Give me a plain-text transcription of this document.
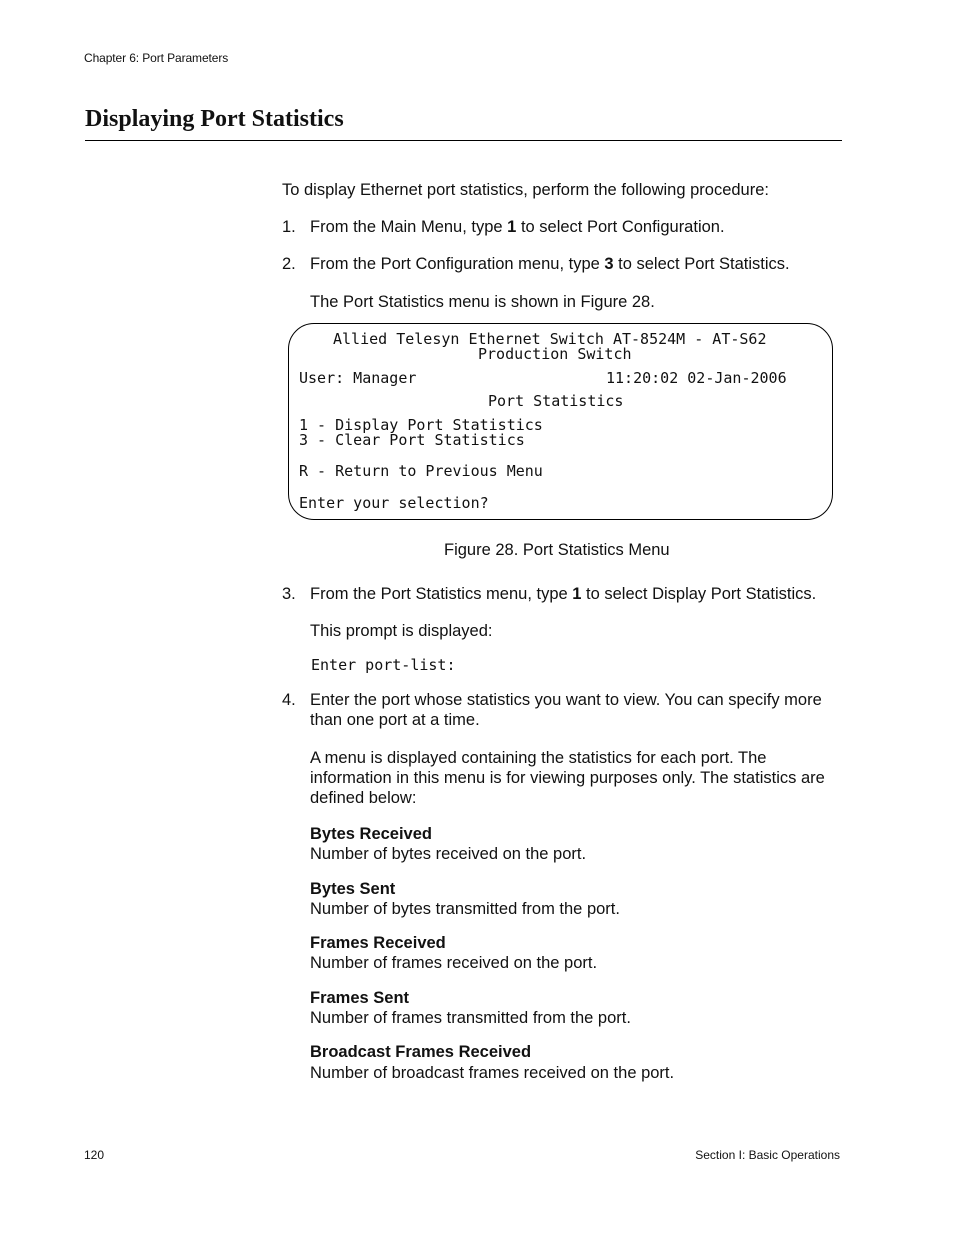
Chapter 6: Port Parameters
Displaying Port Statistics

To display Ethernet port statistics, perform the following procedure:

1. From the Main Menu, type 1 to select Port Configuration.

2. From the Port Configuration menu, type 3 to select Port Statistics.

The Port Statistics menu is shown in Figure 28.

Allied Telesyn Ethernet Switch AT-8524M - AT-S62
Production Switch
User: Manager	11:20:02 02-Jan-2006
Port Statistics
1 - Display Port Statistics
3 - Clear Port Statistics
R - Return to Previous Menu
Enter your selection?
Figure 28. Port Statistics Menu
3. From the Port Statistics menu, type 1 to select Display Port Statistics.

This prompt is displayed:

Enter port-list:
4. Enter the port whose statistics you want to view. You can specify more

than one port at a time.

A menu is displayed containing the statistics for each port. The

information in this menu is for viewing purposes only. The statistics are

defined below:

Bytes Received
Number of bytes received on the port.
Bytes Sent
Number of bytes transmitted from the port.
Frames Received
Number of frames received on the port.
Frames Sent
Number of frames transmitted from the port.
Broadcast Frames Received
Number of broadcast frames received on the port.
120	Section I: Basic Operations
